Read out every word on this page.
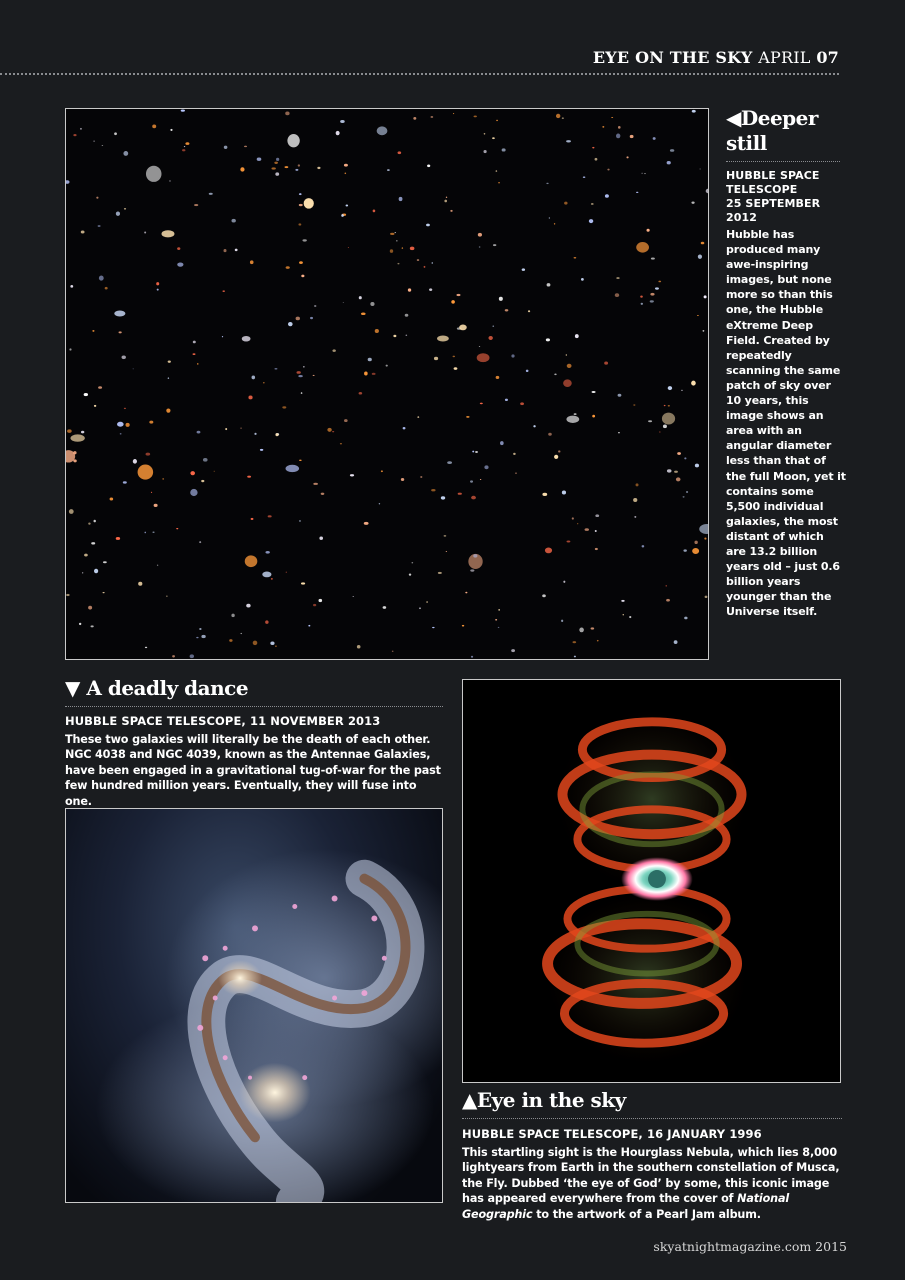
EYE ON THE SKY APRIL 07
◀Deeper still
HUBBLE SPACE TELESCOPE
25 SEPTEMBER 2012
Hubble has produced many awe-inspiring images, but none more so than this one, the Hubble eXtreme Deep Field. Created by repeatedly scanning the same patch of sky over 10 years, this image shows an area with an angular diameter less than that of the full Moon, yet it contains some 5,500 individual galaxies, the most distant of which are 13.2 billion years old – just 0.6 billion years younger than the Universe itself.
▼ A deadly dance
HUBBLE SPACE TELESCOPE, 11 NOVEMBER 2013
These two galaxies will literally be the death of each other. NGC 4038 and NGC 4039, known as the Antennae Galaxies, have been engaged in a gravitational tug-of-war for the past few hundred million years. Eventually, they will fuse into one.
▲Eye in the sky
HUBBLE SPACE TELESCOPE, 16 JANUARY 1996
This startling sight is the Hourglass Nebula, which lies 8,000 lightyears from Earth in the southern constellation of Musca, the Fly. Dubbed ‘the eye of God’ by some, this iconic image has appeared everywhere from the cover of National Geographic to the artwork of a Pearl Jam album.
skyatnightmagazine.com 2015
